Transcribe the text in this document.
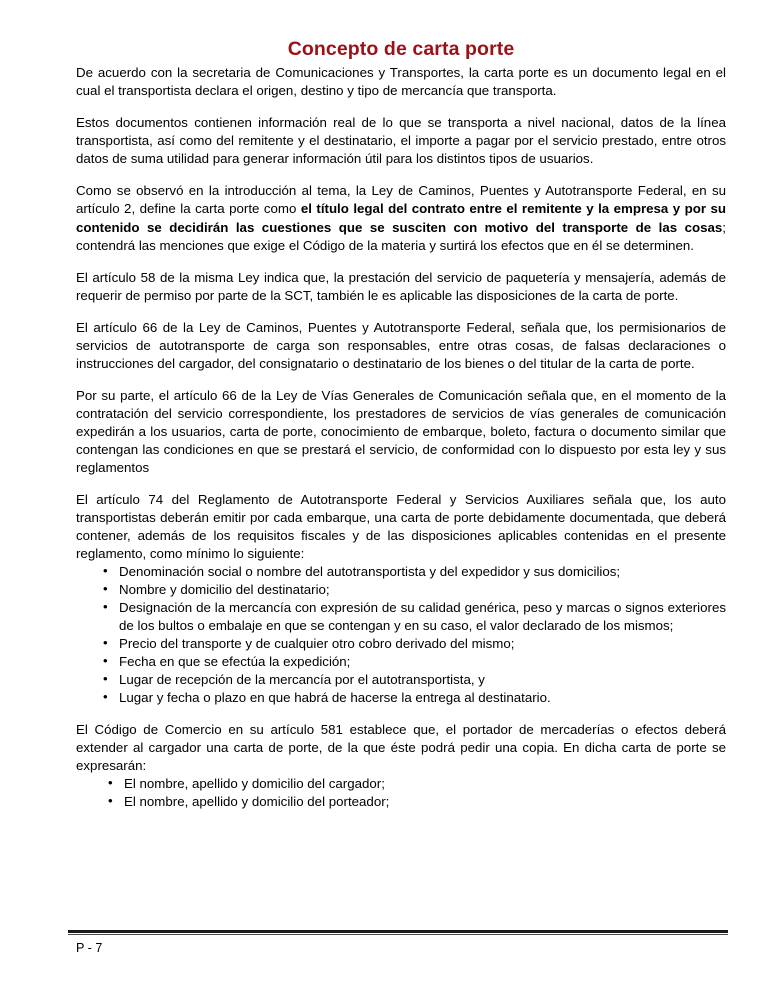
Concepto de carta porte

De acuerdo con la secretaria de Comunicaciones y Transportes, la carta porte es un documento legal en el cual el transportista declara el origen, destino y tipo de mercancía que transporta.

Estos documentos contienen información real de lo que se transporta a nivel nacional, datos de la línea transportista, así como del remitente y el destinatario, el importe a pagar por el servicio prestado, entre otros datos de suma utilidad para generar información útil para los distintos tipos de usuarios.

Como se observó en la introducción al tema, la Ley de Caminos, Puentes y Autotransporte Federal, en su artículo 2, define la carta porte como el título legal del contrato entre el remitente y la empresa y por su contenido se decidirán las cuestiones que se susciten con motivo del transporte de las cosas; contendrá las menciones que exige el Código de la materia y surtirá los efectos que en él se determinen.

El artículo 58 de la misma Ley indica que, la prestación del servicio de paquetería y mensajería, además de requerir de permiso por parte de la SCT, también le es aplicable las disposiciones de la carta de porte.

El artículo 66 de la Ley de Caminos, Puentes y Autotransporte Federal, señala que, los permisionarios de servicios de autotransporte de carga son responsables, entre otras cosas, de falsas declaraciones o instrucciones del cargador, del consignatario o destinatario de los bienes o del titular de la carta de porte.

Por su parte, el artículo 66 de la Ley de Vías Generales de Comunicación señala que, en el momento de la contratación del servicio correspondiente, los prestadores de servicios de vías generales de comunicación expedirán a los usuarios, carta de porte, conocimiento de embarque, boleto, factura o documento similar que contengan las condiciones en que se prestará el servicio, de conformidad con lo dispuesto por esta ley y sus reglamentos

El artículo 74 del Reglamento de Autotransporte Federal y Servicios Auxiliares señala que, los auto transportistas deberán emitir por cada embarque, una carta de porte debidamente documentada, que deberá contener, además de los requisitos fiscales y de las disposiciones aplicables contenidas en el presente reglamento, como mínimo lo siguiente:

• Denominación social o nombre del autotransportista y del expedidor y sus domicilios;
• Nombre y domicilio del destinatario;
• Designación de la mercancía con expresión de su calidad genérica, peso y marcas o signos exteriores de los bultos o embalaje en que se contengan y en su caso, el valor declarado de los mismos;
• Precio del transporte y de cualquier otro cobro derivado del mismo;
• Fecha en que se efectúa la expedición;
• Lugar de recepción de la mercancía por el autotransportista, y
• Lugar y fecha o plazo en que habrá de hacerse la entrega al destinatario.

El Código de Comercio en su artículo 581 establece que, el portador de mercaderías o efectos deberá extender al cargador una carta de porte, de la que éste podrá pedir una copia. En dicha carta de porte se expresarán:

• El nombre, apellido y domicilio del cargador;
• El nombre, apellido y domicilio del porteador;
P - 7
